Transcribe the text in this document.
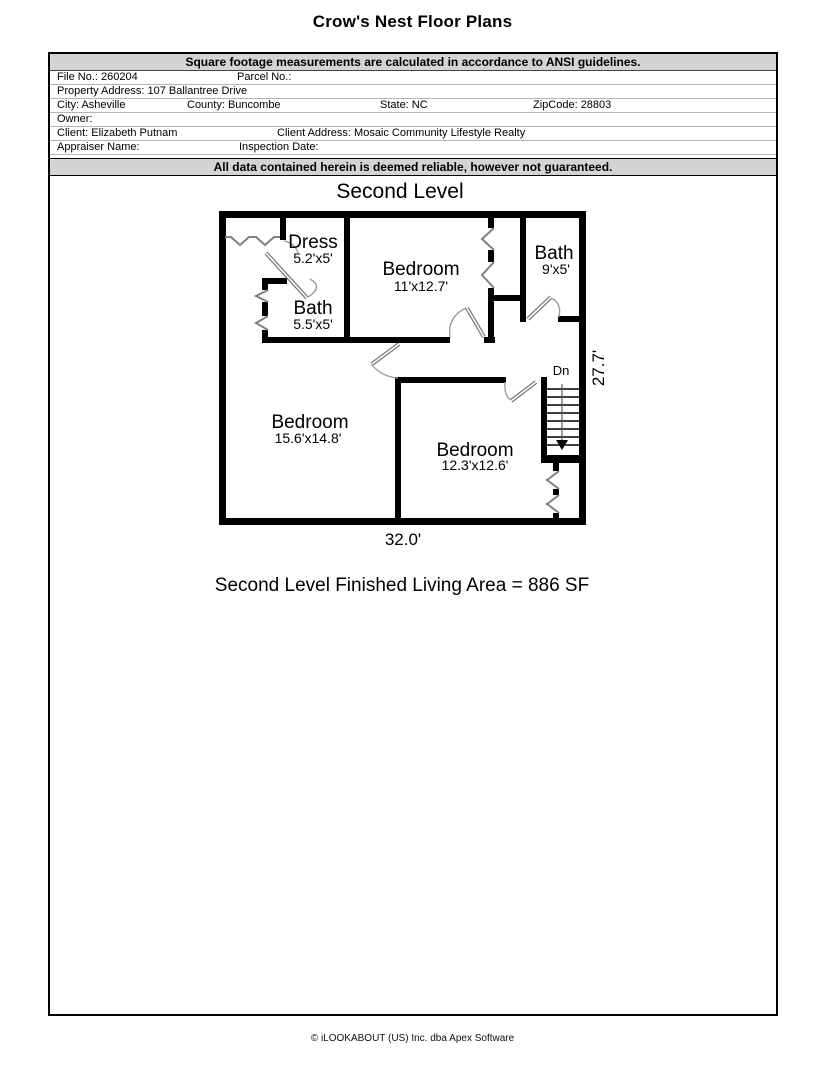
Crow's Nest Floor Plans
Square footage measurements are calculated in accordance to ANSI guidelines.
File No.: 260204	Parcel No.:
Property Address: 107 Ballantree Drive
City: Asheville	County: Buncombe	State: NC	ZipCode: 28803
Owner:
Client: Elizabeth Putnam	Client Address: Mosaic Community Lifestyle Realty
Appraiser Name:	Inspection Date:
All data contained herein is deemed reliable, however not guaranteed.
Second Level
Dn
Dress
5.2'x5'
Bedroom
11'x12.7'
Bath
9'x5'
Bath
5.5'x5'
Bedroom
15.6'x14.8'
Bedroom
12.3'x12.6'
32.0'
27.7'
Second Level Finished Living Area = 886 SF
© iLOOKABOUT (US) Inc. dba Apex Software
